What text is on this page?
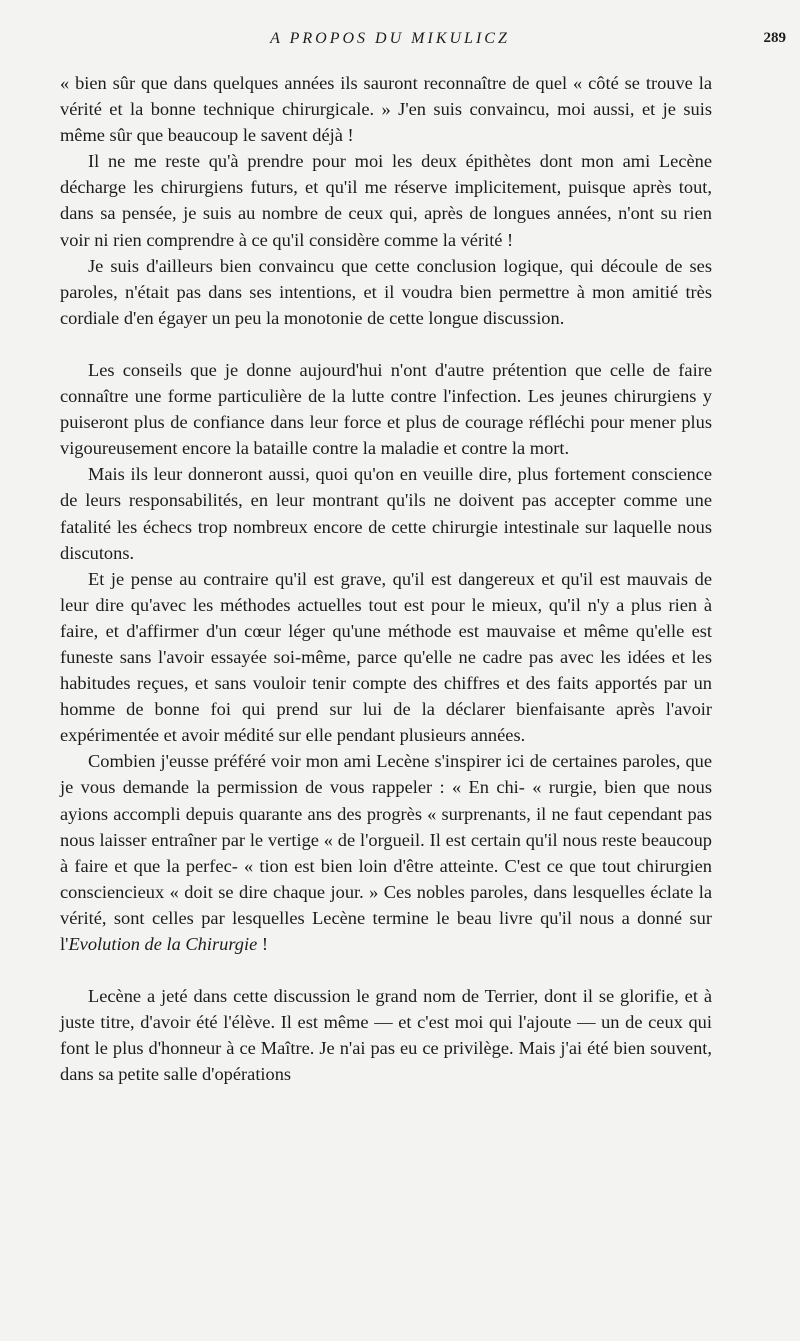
A PROPOS DU MIKULICZ	289

« bien sûr que dans quelques années ils sauront reconnaître de quel « côté se trouve la vérité et la bonne technique chirurgicale. » J'en suis convaincu, moi aussi, et je suis même sûr que beaucoup le savent déjà !

Il ne me reste qu'à prendre pour moi les deux épithètes dont mon ami Lecène décharge les chirurgiens futurs, et qu'il me réserve implicitement, puisque après tout, dans sa pensée, je suis au nombre de ceux qui, après de longues années, n'ont su rien voir ni rien comprendre à ce qu'il considère comme la vérité !

Je suis d'ailleurs bien convaincu que cette conclusion logique, qui découle de ses paroles, n'était pas dans ses intentions, et il voudra bien permettre à mon amitié très cordiale d'en égayer un peu la monotonie de cette longue discussion.

Les conseils que je donne aujourd'hui n'ont d'autre prétention que celle de faire connaître une forme particulière de la lutte contre l'infection. Les jeunes chirurgiens y puiseront plus de confiance dans leur force et plus de courage réfléchi pour mener plus vigoureusement encore la bataille contre la maladie et contre la mort.

Mais ils leur donneront aussi, quoi qu'on en veuille dire, plus fortement conscience de leurs responsabilités, en leur montrant qu'ils ne doivent pas accepter comme une fatalité les échecs trop nombreux encore de cette chirurgie intestinale sur laquelle nous discutons.

Et je pense au contraire qu'il est grave, qu'il est dangereux et qu'il est mauvais de leur dire qu'avec les méthodes actuelles tout est pour le mieux, qu'il n'y a plus rien à faire, et d'affirmer d'un cœur léger qu'une méthode est mauvaise et même qu'elle est funeste sans l'avoir essayée soi-même, parce qu'elle ne cadre pas avec les idées et les habitudes reçues, et sans vouloir tenir compte des chiffres et des faits apportés par un homme de bonne foi qui prend sur lui de la déclarer bienfaisante après l'avoir expérimentée et avoir médité sur elle pendant plusieurs années.

Combien j'eusse préféré voir mon ami Lecène s'inspirer ici de certaines paroles, que je vous demande la permission de vous rappeler : « En chi- « rurgie, bien que nous ayions accompli depuis quarante ans des progrès « surprenants, il ne faut cependant pas nous laisser entraîner par le vertige « de l'orgueil. Il est certain qu'il nous reste beaucoup à faire et que la perfec- « tion est bien loin d'être atteinte. C'est ce que tout chirurgien consciencieux « doit se dire chaque jour. » Ces nobles paroles, dans lesquelles éclate la vérité, sont celles par lesquelles Lecène termine le beau livre qu'il nous a donné sur l'Evolution de la Chirurgie !

Lecène a jeté dans cette discussion le grand nom de Terrier, dont il se glorifie, et à juste titre, d'avoir été l'élève. Il est même — et c'est moi qui l'ajoute — un de ceux qui font le plus d'honneur à ce Maître. Je n'ai pas eu ce privilège. Mais j'ai été bien souvent, dans sa petite salle d'opérations
